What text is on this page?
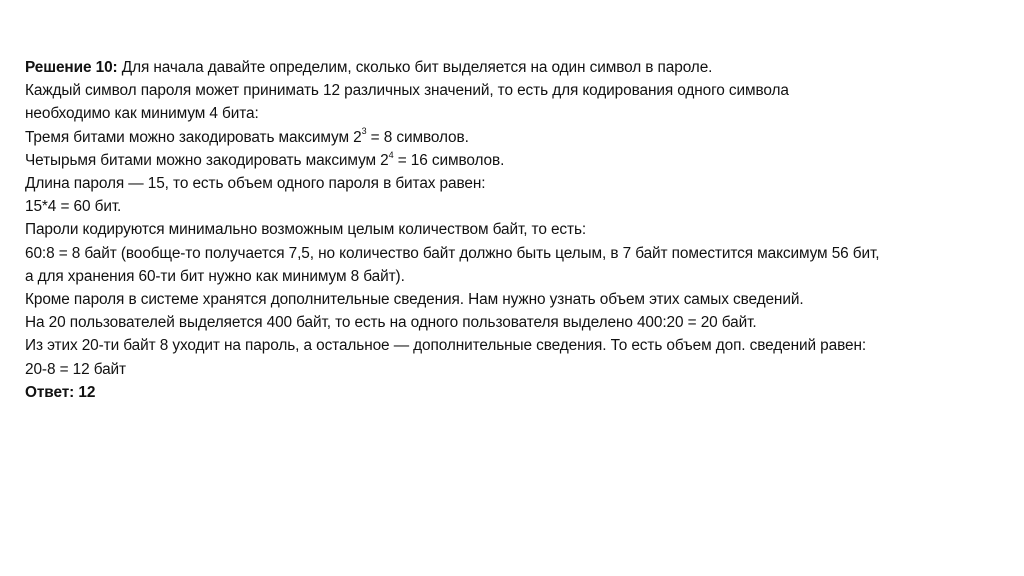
Решение 10: Для начала давайте определим, сколько бит выделяется на один символ в пароле.
Каждый символ пароля может принимать 12 различных значений, то есть для кодирования одного символа
необходимо как минимум 4 бита:
Тремя битами можно закодировать максимум $2^3 = 8$ символов.
Четырьмя битами можно закодировать максимум $2^4 = 16$ символов.
Длина пароля — 15, то есть объем одного пароля в битах равен:
15*4 = 60 бит.
Пароли кодируются минимально возможным целым количеством байт, то есть:
60:8 = 8 байт (вообще-то получается 7,5, но количество байт должно быть целым, в 7 байт поместится максимум 56 бит,
а для хранения 60-ти бит нужно как минимум 8 байт).
Кроме пароля в системе хранятся дополнительные сведения. Нам нужно узнать объем этих самых сведений.
На 20 пользователей выделяется 400 байт, то есть на одного пользователя выделено 400:20 = 20 байт.
Из этих 20-ти байт 8 уходит на пароль, а остальное — дополнительные сведения. То есть объем доп. сведений равен:
20-8 = 12 байт
Ответ: 12
